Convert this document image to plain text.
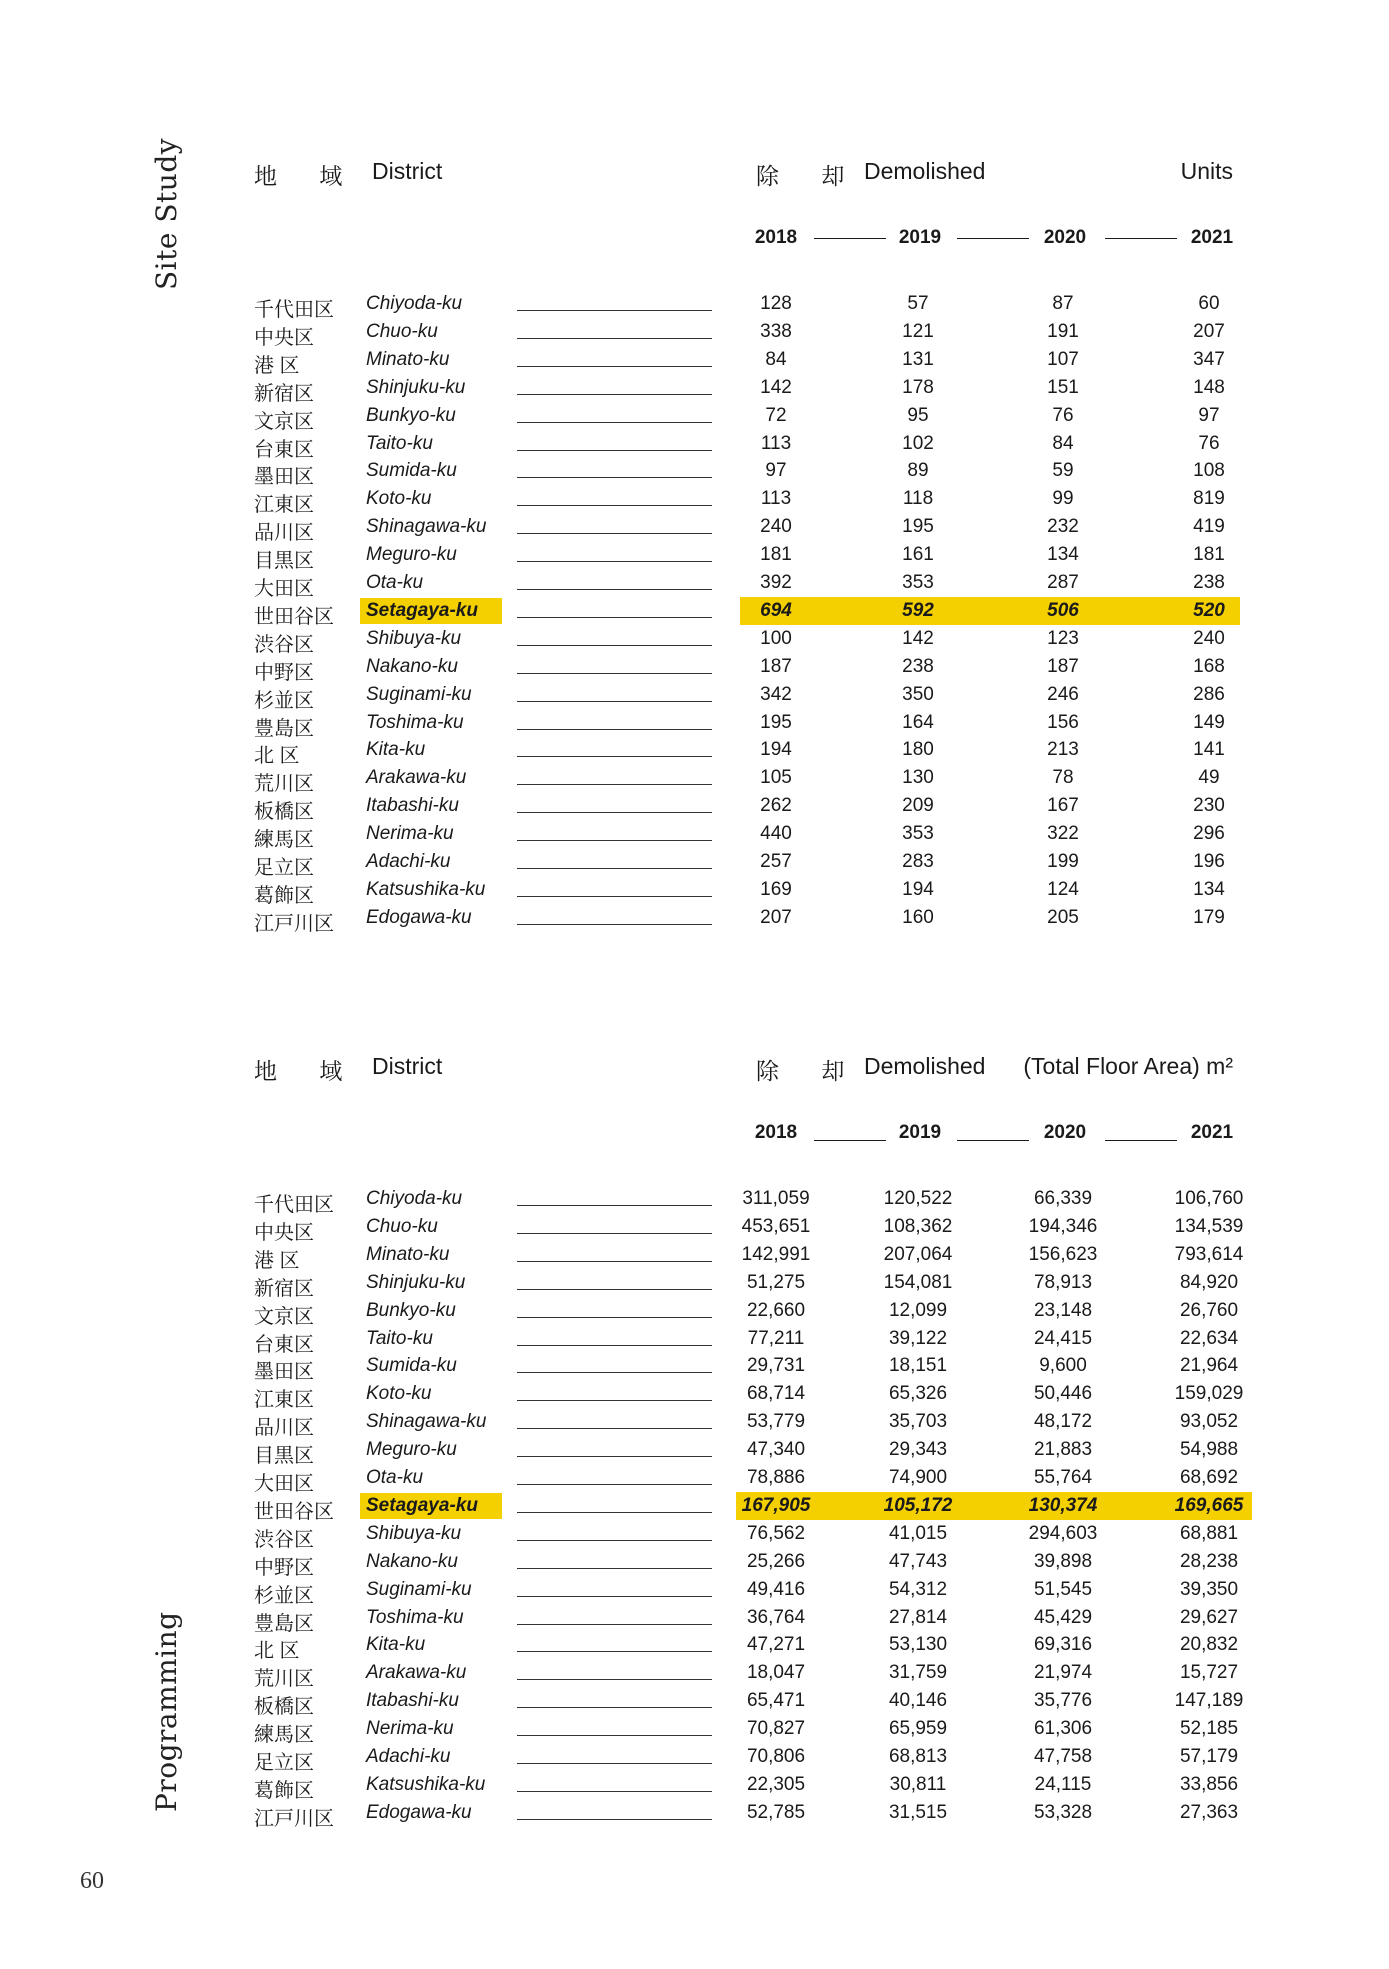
Site Study
Programming
地 域 District	除 却 Demolished	Units
2018	2019	2020	2021
千代田区	Chiyoda-ku	128	57	87	60
中央区	Chuo-ku	338	121	191	207
港 区	Minato-ku	84	131	107	347
新宿区	Shinjuku-ku	142	178	151	148
文京区	Bunkyo-ku	72	95	76	97
台東区	Taito-ku	113	102	84	76
墨田区	Sumida-ku	97	89	59	108
江東区	Koto-ku	113	118	99	819
品川区	Shinagawa-ku	240	195	232	419
目黒区	Meguro-ku	181	161	134	181
大田区	Ota-ku	392	353	287	238
世田谷区	Setagaya-ku	694	592	506	520
渋谷区	Shibuya-ku	100	142	123	240
中野区	Nakano-ku	187	238	187	168
杉並区	Suginami-ku	342	350	246	286
豊島区	Toshima-ku	195	164	156	149
北 区	Kita-ku	194	180	213	141
荒川区	Arakawa-ku	105	130	78	49
板橋区	Itabashi-ku	262	209	167	230
練馬区	Nerima-ku	440	353	322	296
足立区	Adachi-ku	257	283	199	196
葛飾区	Katsushika-ku	169	194	124	134
江戸川区	Edogawa-ku	207	160	205	179
地 域 District	除 却 Demolished (Total Floor Area) m²
2018	2019	2020	2021
千代田区	Chiyoda-ku	311,059	120,522	66,339	106,760
中央区	Chuo-ku	453,651	108,362	194,346	134,539
港 区	Minato-ku	142,991	207,064	156,623	793,614
新宿区	Shinjuku-ku	51,275	154,081	78,913	84,920
文京区	Bunkyo-ku	22,660	12,099	23,148	26,760
台東区	Taito-ku	77,211	39,122	24,415	22,634
墨田区	Sumida-ku	29,731	18,151	9,600	21,964
江東区	Koto-ku	68,714	65,326	50,446	159,029
品川区	Shinagawa-ku	53,779	35,703	48,172	93,052
目黒区	Meguro-ku	47,340	29,343	21,883	54,988
大田区	Ota-ku	78,886	74,900	55,764	68,692
世田谷区	Setagaya-ku	167,905	105,172	130,374	169,665
渋谷区	Shibuya-ku	76,562	41,015	294,603	68,881
中野区	Nakano-ku	25,266	47,743	39,898	28,238
杉並区	Suginami-ku	49,416	54,312	51,545	39,350
豊島区	Toshima-ku	36,764	27,814	45,429	29,627
北 区	Kita-ku	47,271	53,130	69,316	20,832
荒川区	Arakawa-ku	18,047	31,759	21,974	15,727
板橋区	Itabashi-ku	65,471	40,146	35,776	147,189
練馬区	Nerima-ku	70,827	65,959	61,306	52,185
足立区	Adachi-ku	70,806	68,813	47,758	57,179
葛飾区	Katsushika-ku	22,305	30,811	24,115	33,856
江戸川区	Edogawa-ku	52,785	31,515	53,328	27,363
60
